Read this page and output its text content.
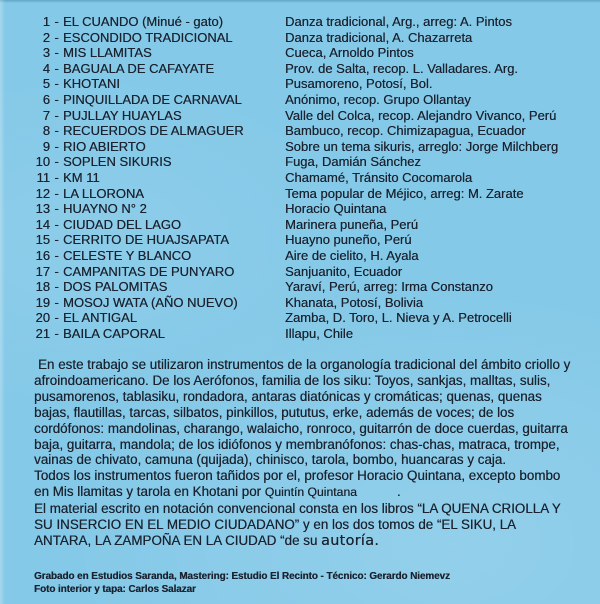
1 - EL CUANDO (Minué - gato)	Danza tradicional, Arg., arreg: A. Pintos
2 - ESCONDIDO TRADICIONAL	Danza tradicional, A. Chazarreta
3 - MIS LLAMITAS	Cueca, Arnoldo Pintos
4 - BAGUALA DE CAFAYATE	Prov. de Salta, recop. L. Valladares. Arg.
5 - KHOTANI	Pusamoreno, Potosí, Bol.
6 - PINQUILLADA DE CARNAVAL	Anónimo, recop. Grupo Ollantay
7 - PUJLLAY HUAYLAS	Valle del Colca, recop. Alejandro Vivanco, Perú
8 - RECUERDOS DE ALMAGUER	Bambuco, recop. Chimizapagua, Ecuador
9 - RIO ABIERTO	Sobre un tema sikuris, arreglo: Jorge Milchberg
10 - SOPLEN SIKURIS	Fuga, Damián Sánchez
11 - KM 11	Chamamé, Tránsito Cocomarola
12 - LA LLORONA	Tema popular de Méjico, arreg: M. Zarate
13 - HUAYNO N° 2	Horacio Quintana
14 - CIUDAD DEL LAGO	Marinera puneña, Perú
15 - CERRITO DE HUAJSAPATA	Huayno puneño, Perú
16 - CELESTE Y BLANCO	Aire de cielito, H. Ayala
17 - CAMPANITAS DE PUNYARO	Sanjuanito, Ecuador
18 - DOS PALOMITAS	Yaraví, Perú, arreg: Irma Constanzo
19 - MOSOJ WATA (AÑO NUEVO)	Khanata, Potosí, Bolivia
20 - EL ANTIGAL	Zamba, D. Toro, L. Nieva y A. Petrocelli
21 - BAILA CAPORAL	Illapu, Chile
En este trabajo se utilizaron instrumentos de la organología tradicional del ámbito criollo y afroindoamericano. De los Aerófonos, familia de los siku: Toyos, sankjas, malltas, sulis, pusamorenos, tablasiku, rondadora, antaras diatónicas y cromáticas; quenas, quenas bajas, flautillas, tarcas, silbatos, pinkillos, pututus, erke, además de voces; de los cordófonos: mandolinas, charango, walaicho, ronroco, guitarrón de doce cuerdas, guitarra baja, guitarra, mandola; de los idiófonos y membranófonos: chas-chas, matraca, trompe, vainas de chivato, camuna (quijada), chinisco, tarola, bombo, huancaras y caja.
Todos los instrumentos fueron tañidos por el, profesor Horacio Quintana, excepto bombo en Mis llamitas y tarola en Khotani por Quintín Quintana	.
El material escrito en notación convencional consta en los libros “LA QUENA CRIOLLA Y SU INSERCIO EN EL MEDIO CIUDADANO” y en los dos tomos de “EL SIKU, LA ANTARA, LA ZAMPOÑA EN LA CIUDAD “de su autoría.
Grabado en Estudios Saranda, Mastering: Estudio El Recinto - Técnico: Gerardo Niemevz
Foto interior y tapa: Carlos Salazar
